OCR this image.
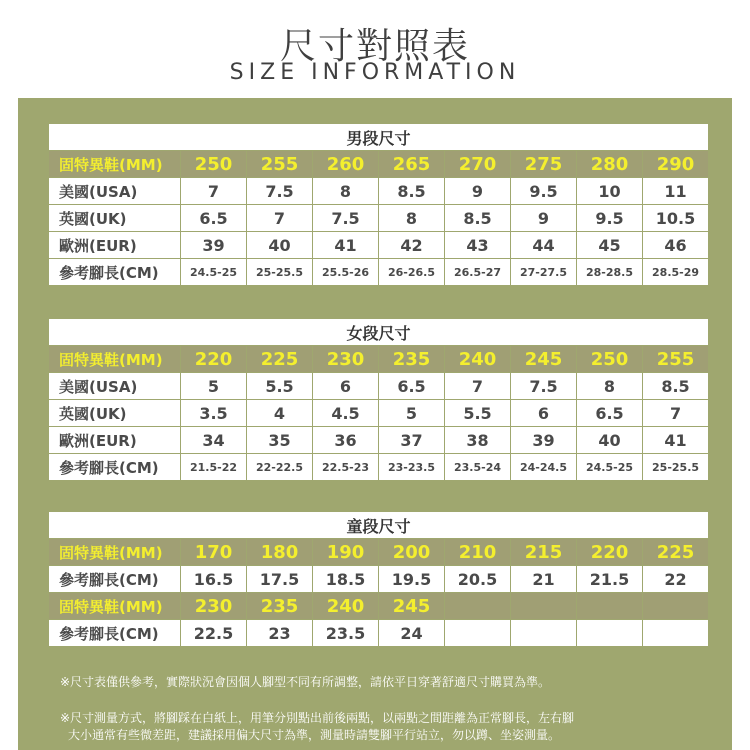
尺寸對照表
SIZE INFORMATION
男段尺寸								
固特異鞋(MM)	250	255	260	265	270	275	280	290
美國(USA)	7	7.5	8	8.5	9	9.5	10	11
英國(UK)	6.5	7	7.5	8	8.5	9	9.5	10.5
歐洲(EUR)	39	40	41	42	43	44	45	46
參考腳長(CM)	24.5-25	25-25.5	25.5-26	26-26.5	26.5-27	27-27.5	28-28.5	28.5-29
女段尺寸								
固特異鞋(MM)	220	225	230	235	240	245	250	255
美國(USA)	5	5.5	6	6.5	7	7.5	8	8.5
英國(UK)	3.5	4	4.5	5	5.5	6	6.5	7
歐洲(EUR)	34	35	36	37	38	39	40	41
參考腳長(CM)	21.5-22	22-22.5	22.5-23	23-23.5	23.5-24	24-24.5	24.5-25	25-25.5
童段尺寸								
固特異鞋(MM)	170	180	190	200	210	215	220	225
參考腳長(CM)	16.5	17.5	18.5	19.5	20.5	21	21.5	22
固特異鞋(MM)	230	235	240	245				
參考腳長(CM)	22.5	23	23.5	24				
※尺寸表僅供參考，實際狀況會因個人腳型不同有所調整，請依平日穿著舒適尺寸購買為準。
※尺寸測量方式，將腳踩在白紙上，用筆分別點出前後兩點，以兩點之間距離為正常腳長，左右腳
大小通常有些微差距，建議採用偏大尺寸為準，測量時請雙腳平行站立，勿以蹲、坐姿測量。
